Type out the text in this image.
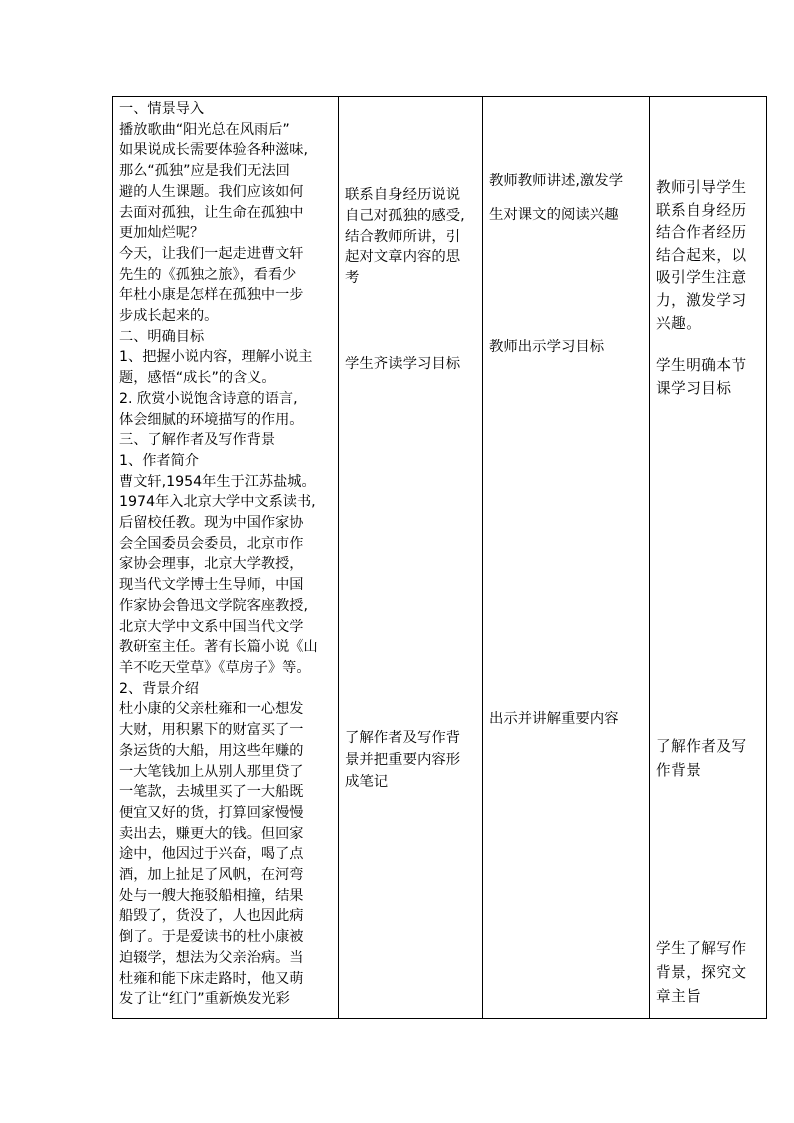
一、情景导入
播放歌曲“阳光总在风雨后”
如果说成长需要体验各种滋味,
那么“孤独”应是我们无法回
避的人生课题。我们应该如何
去面对孤独，让生命在孤独中
更加灿烂呢？
今天，让我们一起走进曹文轩
先生的《孤独之旅》，看看少
年杜小康是怎样在孤独中一步
步成长起来的。
二、明确目标
1、把握小说内容，理解小说主
题，感悟“成长”的含义。
2. 欣赏小说饱含诗意的语言,
体会细腻的环境描写的作用。
三、了解作者及写作背景
1、作者简介
曹文轩,1954年生于江苏盐城。
1974年入北京大学中文系读书,
后留校任教。现为中国作家协
会全国委员会委员，北京市作
家协会理事，北京大学教授，
现当代文学博士生导师，中国
作家协会鲁迅文学院客座教授,
北京大学中文系中国当代文学
教研室主任。著有长篇小说《山
羊不吃天堂草》《草房子》等。
2、背景介绍
杜小康的父亲杜雍和一心想发
大财，用积累下的财富买了一
条运货的大船，用这些年赚的
一大笔钱加上从别人那里贷了
一笔款，去城里买了一大船既
便宜又好的货，打算回家慢慢
卖出去，赚更大的钱。但回家
途中，他因过于兴奋，喝了点
酒，加上扯足了风帆，在河弯
处与一艘大拖驳船相撞，结果
船毁了，货没了，人也因此病
倒了。于是爱读书的杜小康被
迫辍学，想法为父亲治病。当
杜雍和能下床走路时，他又萌
发了让“红门”重新焕发光彩
联系自身经历说说
自己对孤独的感受,
结合教师所讲，引
起对文章内容的思
考
学生齐读学习目标
了解作者及写作背
景并把重要内容形
成笔记
教师教师讲述,激发学
生对课文的阅读兴趣
教师出示学习目标
出示并讲解重要内容
教师引导学生
联系自身经历
结合作者经历
结合起来，以
吸引学生注意
力，激发学习
兴趣。
学生明确本节
课学习目标
了解作者及写
作背景
学生了解写作
背景，探究文
章主旨
